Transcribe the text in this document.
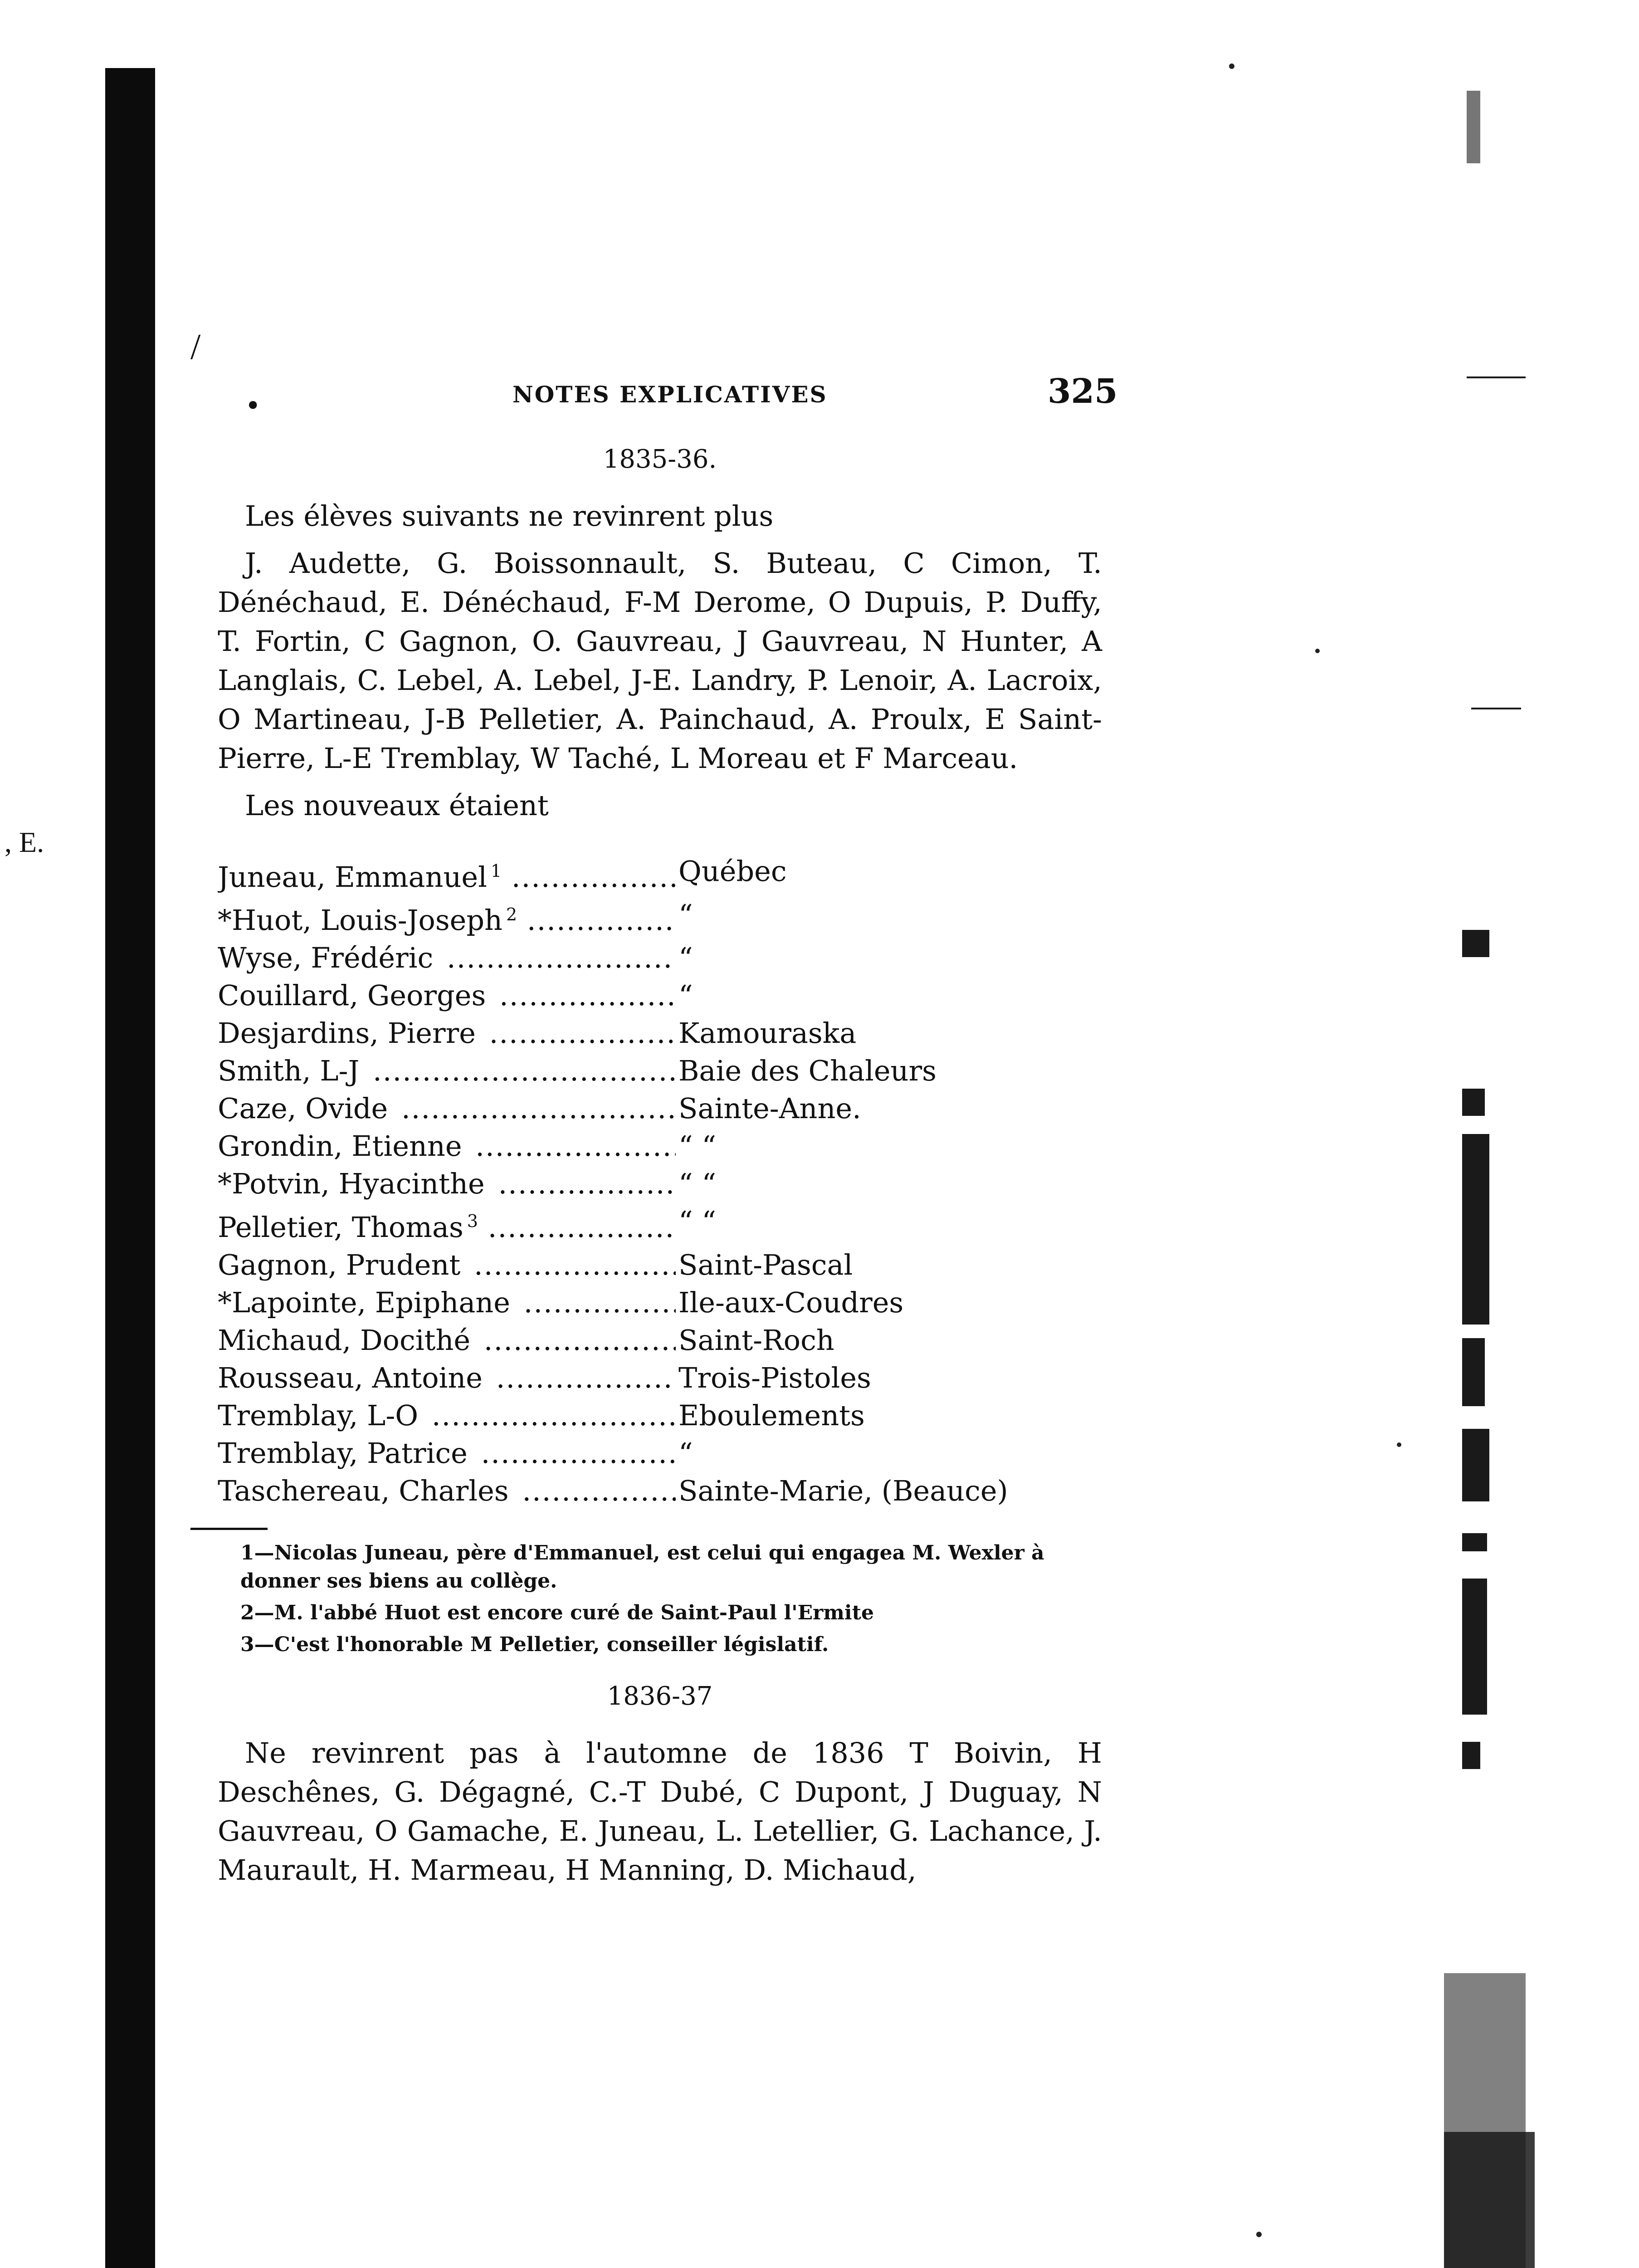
/
, E.
•	NOTES EXPLICATIVES	325
1835-36.

Les élèves suivants ne revinrent plus

J. Audette, G. Boissonnault, S. Buteau, C Cimon, T. Dénéchaud, E. Dénéchaud, F-M Derome, O Dupuis, P. Duffy, T. Fortin, C Gagnon, O. Gauvreau, J Gauvreau, N Hunter, A Langlais, C. Lebel, A. Lebel, J-E. Landry, P. Lenoir, A. Lacroix, O Martineau, J-B Pelletier, A. Painchaud, A. Proulx, E Saint-Pierre, L-E Tremblay, W Taché, L Moreau et F Marceau.

Les nouveaux étaient

Juneau, Emmanuel $^1$ .....	Québec
*Huot, Louis-Joseph $^2$ .....	“
Wyse, Frédéric .....	“
Couillard, Georges .....	“
Desjardins, Pierre .....	Kamouraska
Smith, L-J .....	Baie des Chaleurs
Caze, Ovide .....	Sainte-Anne.
Grondin, Etienne .....	“ “
*Potvin, Hyacinthe .....	“ “
Pelletier, Thomas $^3$ .....	“ “
Gagnon, Prudent .....	Saint-Pascal
*Lapointe, Epiphane .....	Ile-aux-Coudres
Michaud, Docithé .....	Saint-Roch
Rousseau, Antoine .....	Trois-Pistoles
Tremblay, L-O .....	Eboulements
Tremblay, Patrice .....	“
Taschereau, Charles .....	Sainte-Marie, (Beauce)

1—Nicolas Juneau, père d'Emmanuel, est celui qui engagea M. Wexler à donner ses biens au collège.

2—M. l'abbé Huot est encore curé de Saint-Paul l'Ermite

3—C'est l'honorable M Pelletier, conseiller législatif.

1836-37

Ne revinrent pas à l'automne de 1836 T Boivin, H Deschênes, G. Dégagné, C.-T Dubé, C Dupont, J Duguay, N Gauvreau, O Gamache, E. Juneau, L. Letellier, G. Lachance, J. Maurault, H. Marmeau, H Manning, D. Michaud,
